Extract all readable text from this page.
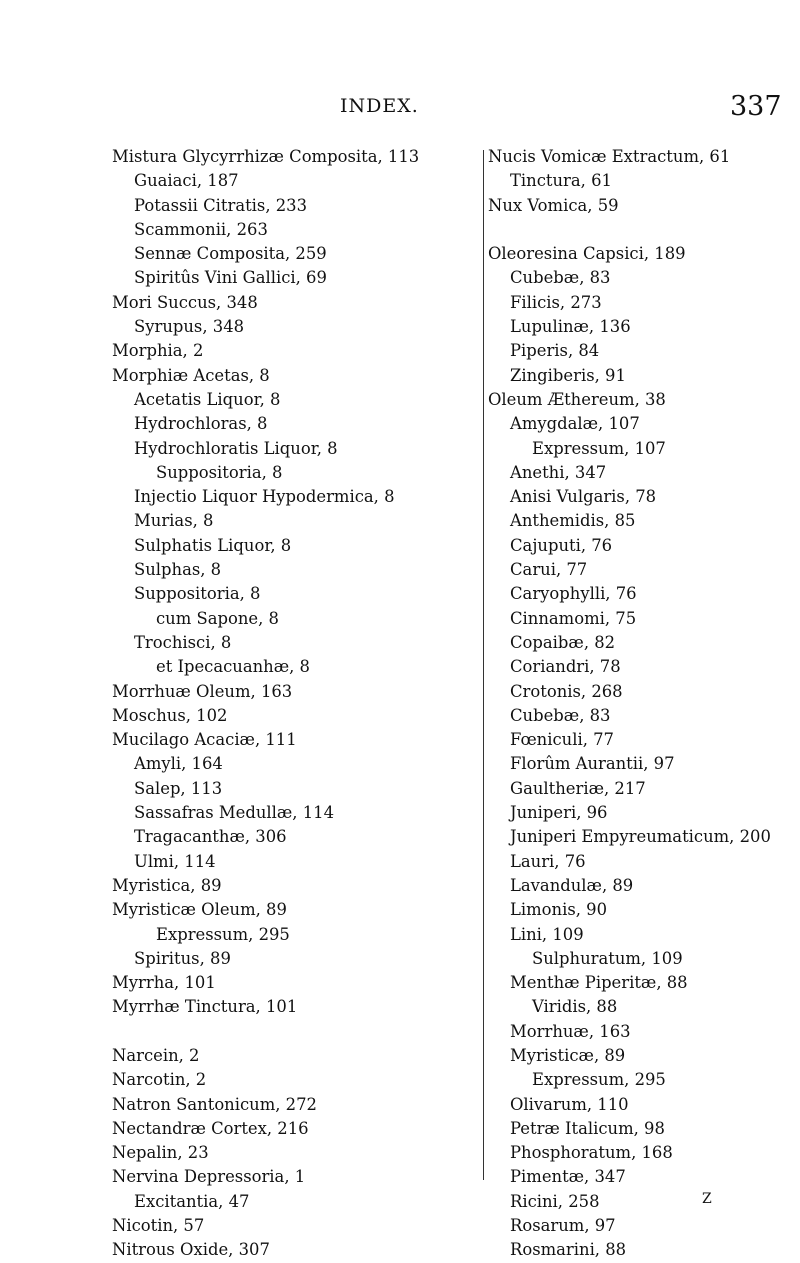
INDEX.	337
Mistura Glycyrrhizæ Composita, 113
Guaiaci, 187
Potassii Citratis, 233
Scammonii, 263
Sennæ Composita, 259
Spiritûs Vini Gallici, 69
Mori Succus, 348
Syrupus, 348
Morphia, 2
Morphiæ Acetas, 8
Acetatis Liquor, 8
Hydrochloras, 8
Hydrochloratis Liquor, 8
Suppositoria, 8
Injectio Liquor Hypodermica, 8
Murias, 8
Sulphatis Liquor, 8
Sulphas, 8
Suppositoria, 8
cum Sapone, 8
Trochisci, 8
et Ipecacuanhæ, 8
Morrhuæ Oleum, 163
Moschus, 102
Mucilago Acaciæ, 111
Amyli, 164
Salep, 113
Sassafras Medullæ, 114
Tragacanthæ, 306
Ulmi, 114
Myristica, 89
Myristicæ Oleum, 89
Expressum, 295
Spiritus, 89
Myrrha, 101
Myrrhæ Tinctura, 101
Narcein, 2
Narcotin, 2
Natron Santonicum, 272
Nectandræ Cortex, 216
Nepalin, 23
Nervina Depressoria, 1
Excitantia, 47
Nicotin, 57
Nitrous Oxide, 307
Nucis Vomicæ Extractum, 61
Tinctura, 61
Nux Vomica, 59
Oleoresina Capsici, 189
Cubebæ, 83
Filicis, 273
Lupulinæ, 136
Piperis, 84
Zingiberis, 91
Oleum Æthereum, 38
Amygdalæ, 107
Expressum, 107
Anethi, 347
Anisi Vulgaris, 78
Anthemidis, 85
Cajuputi, 76
Carui, 77
Caryophylli, 76
Cinnamomi, 75
Copaibæ, 82
Coriandri, 78
Crotonis, 268
Cubebæ, 83
Fœniculi, 77
Florûm Aurantii, 97
Gaultheriæ, 217
Juniperi, 96
Juniperi Empyreumaticum, 200
Lauri, 76
Lavandulæ, 89
Limonis, 90
Lini, 109
Sulphuratum, 109
Menthæ Piperitæ, 88
Viridis, 88
Morrhuæ, 163
Myristicæ, 89
Expressum, 295
Olivarum, 110
Petræ Italicum, 98
Phosphoratum, 168
Pimentæ, 347
Ricini, 258
Rosarum, 97
Rosmarini, 88
Z
